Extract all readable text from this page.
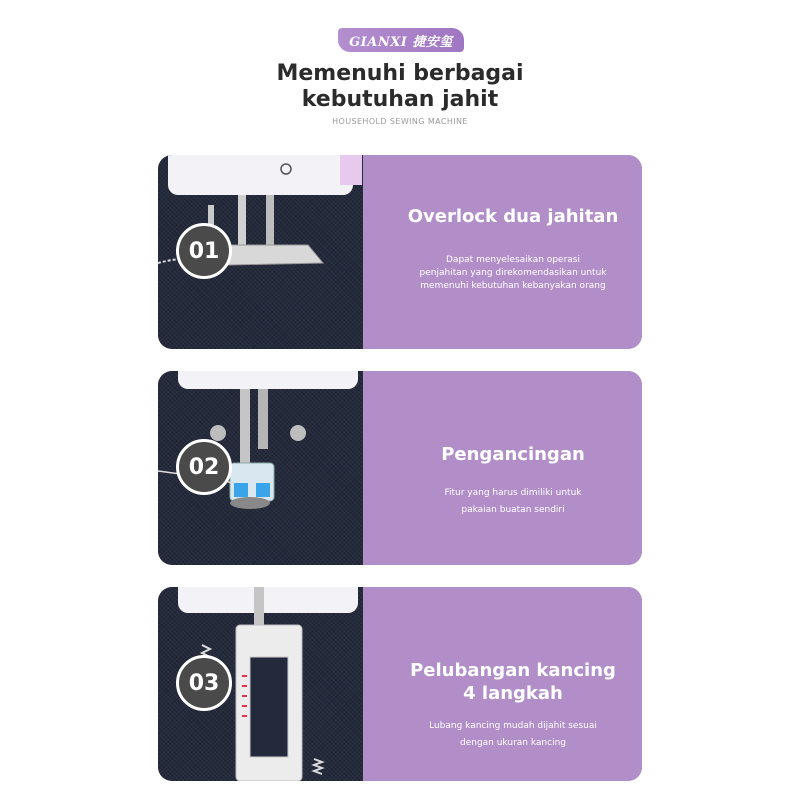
GIANXI 捷安玺
Memenuhi berbagai
kebutuhan jahit
HOUSEHOLD SEWING MACHINE
01
Overlock dua jahitan
Dapat menyelesaikan operasi
penjahitan yang direkomendasikan untuk
memenuhi kebutuhan kebanyakan orang
02	Pengancingan
Fitur yang harus dimiliki untuk
pakaian buatan sendiri
03	Pelubangan kancing
4 langkah
Lubang kancing mudah dijahit sesuai
dengan ukuran kancing
